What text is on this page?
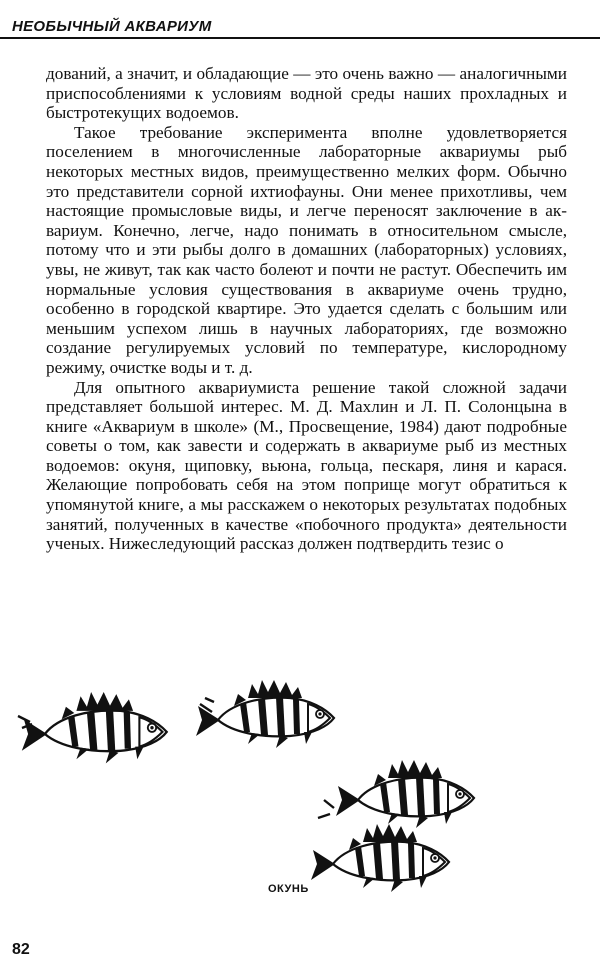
НЕОБЫЧНЫЙ АКВАРИУМ

дований, а значит, и обладающие — это очень важно — аналогичными приспособлениями к условиям водной среды наших прохладных и быстротекущих водоемов.

Такое требование эксперимента вполне удовлетворяется поселением в многочисленные лабораторные аквариумы рыб некоторых местных видов, преимущественно мелких форм. Обычно это представители сорной ихтиофауны. Они менее прихотливы, чем настоящие промысловые виды, и легче переносят заключение в аквариум. Конечно, легче, надо понимать в относительном смысле, потому что и эти рыбы долго в домашних (лабораторных) условиях, увы, не живут, так как часто болеют и почти не растут. Обеспечить им нормальные условия существования в аквариуме очень трудно, особенно в городской квартире. Это удается сделать с большим или меньшим успехом лишь в научных лабораториях, где возможно создание регулируемых условий по температуре, кислородному режиму, очистке воды и т. д.

Для опытного аквариумиста решение такой сложной задачи представляет большой интерес. М. Д. Махлин и Л. П. Солонцына в книге «Аквариум в школе» (М., Просвещение, 1984) дают подробные советы о том, как завести и содержать в аквариуме рыб из местных водоемов: окуня, щиповку, вьюна, гольца, пескаря, линя и карася. Желающие попробовать себя на этом поприще могут обратиться к упомянутой книге, а мы расскажем о некоторых результатах подобных занятий, полученных в качестве «побочного продукта» деятельности ученых. Нижеследующий рассказ должен подтвердить тезис о

ОКУНЬ
82
